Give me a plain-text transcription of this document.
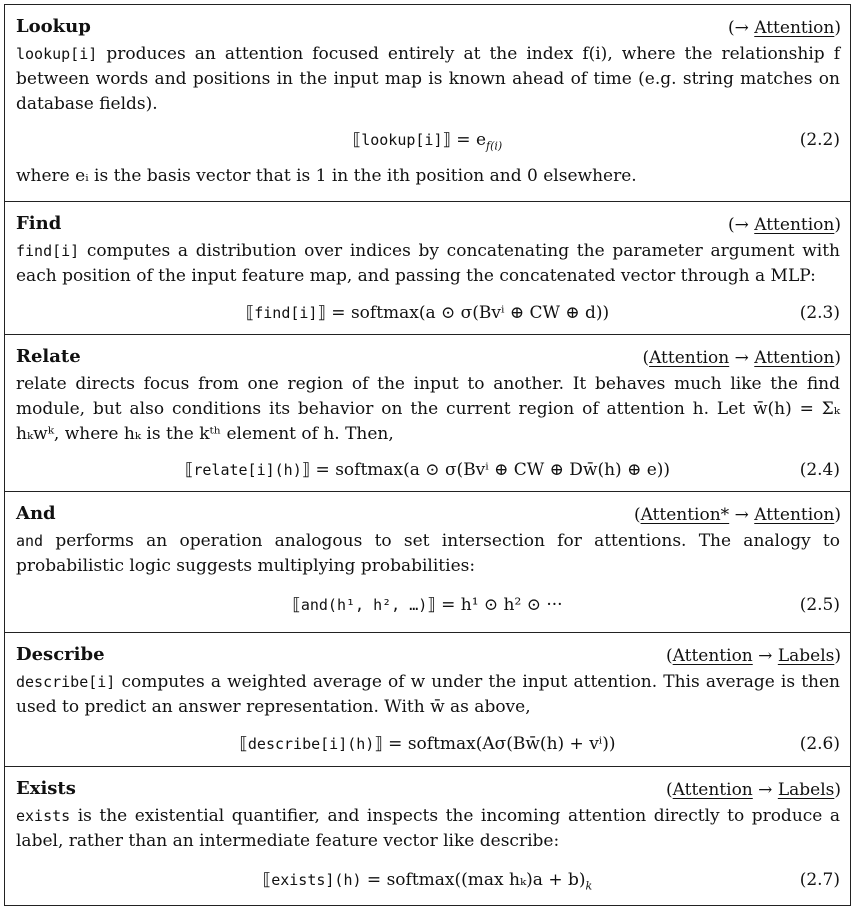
Lookup	(→ Attention)
lookup[i] produces an attention focused entirely at the index f(i), where the relationship f between words and positions in the input map is known ahead of time (e.g. string matches on database fields).
⟦lookup[i]⟧ = $e_{f(i)}$	(2.2)
where eᵢ is the basis vector that is 1 in the ith position and 0 elsewhere.
Find	(→ Attention)
find[i] computes a distribution over indices by concatenating the parameter argument with each position of the input feature map, and passing the concatenated vector through a MLP:
⟦find[i]⟧ = softmax(a ⊙ σ(Bvⁱ ⊕ CW ⊕ d))	(2.3)
Relate	(Attention → Attention)
relate directs focus from one region of the input to another. It behaves much like the find module, but also conditions its behavior on the current region of attention h. Let w̄(h) = Σₖ hₖwᵏ, where hₖ is the kᵗʰ element of h. Then,
⟦relate[i](h)⟧ = softmax(a ⊙ σ(Bvⁱ ⊕ CW ⊕ Dw̄(h) ⊕ e))	(2.4)
And	(Attention* → Attention)
and performs an operation analogous to set intersection for attentions. The analogy to probabilistic logic suggests multiplying probabilities:
⟦and(h¹, h², …)⟧ = h¹ ⊙ h² ⊙ ···	(2.5)
Describe	(Attention → Labels)
describe[i] computes a weighted average of w under the input attention. This average is then used to predict an answer representation. With w̄ as above,
⟦describe[i](h)⟧ = softmax(Aσ(Bw̄(h) + vⁱ))	(2.6)
Exists	(Attention → Labels)
exists is the existential quantifier, and inspects the incoming attention directly to produce a label, rather than an intermediate feature vector like describe:
⟦exists](h) = softmax((max $h_k)a + b)_k$	(2.7)
